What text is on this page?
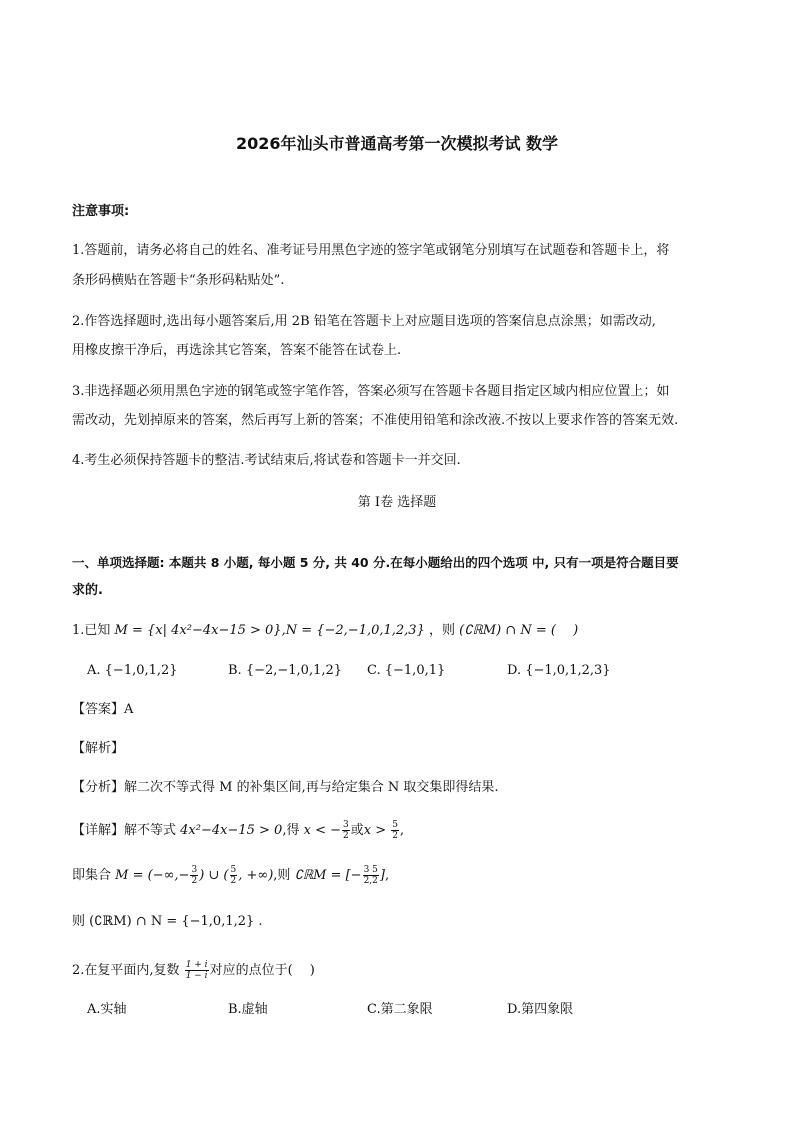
2026年汕头市普通高考第一次模拟考试 数学
注意事项:
1.答题前，请务必将自己的姓名、准考证号用黑色字迹的签字笔或钢笔分别填写在试题卷和答题卡上，将
条形码横贴在答题卡“条形码粘贴处”.
2.作答选择题时,选出每小题答案后,用 2B 铅笔在答题卡上对应题目选项的答案信息点涂黑；如需改动,
用橡皮擦干净后，再选涂其它答案，答案不能答在试卷上.
3.非选择题必须用黑色字迹的钢笔或签字笔作答，答案必须写在答题卡各题目指定区域内相应位置上；如
需改动，先划掉原来的答案，然后再写上新的答案；不准使用铅笔和涂改液.不按以上要求作答的答案无效.
4.考生必须保持答题卡的整洁.考试结束后,将试卷和答题卡一并交回.
第 I卷 选择题
一、单项选择题: 本题共 8 小题, 每小题 5 分, 共 40 分.在每小题给出的四个选项 中, 只有一项是符合题目要
求的.
1.已知 M = {x| 4x²−4x−15 > 0},N = {−2,−1,0,1,2,3} ，则 (∁ℝM) ∩ N = (　 )
A. {−1,0,1,2}	B. {−2,−1,0,1,2} C. {−1,0,1}	D. {−1,0,1,2,3}
【答案】A
【解析】
【分析】解二次不等式得 M 的补集区间,再与给定集合 N 取交集即得结果.
【详解】解不等式 4x²−4x−15 > 0,得 x < − $\frac{3}{2}$ 或$x > \frac{5}{2}$ ,
即集合 M = (−∞,− $\frac{3}{2}$ ) ∪ ( $\frac{5}{2}$ , +∞),则 ∁ℝM = [− $\frac{3 5}{2,2}$ ],
则 (∁ℝM) ∩ N = {−1,0,1,2} .
2.在复平面内,复数 $\frac{1 + i}{1 - i}$ 对应的点位于(　 )
A.实轴	B.虚轴	C.第二象限	D.第四象限
